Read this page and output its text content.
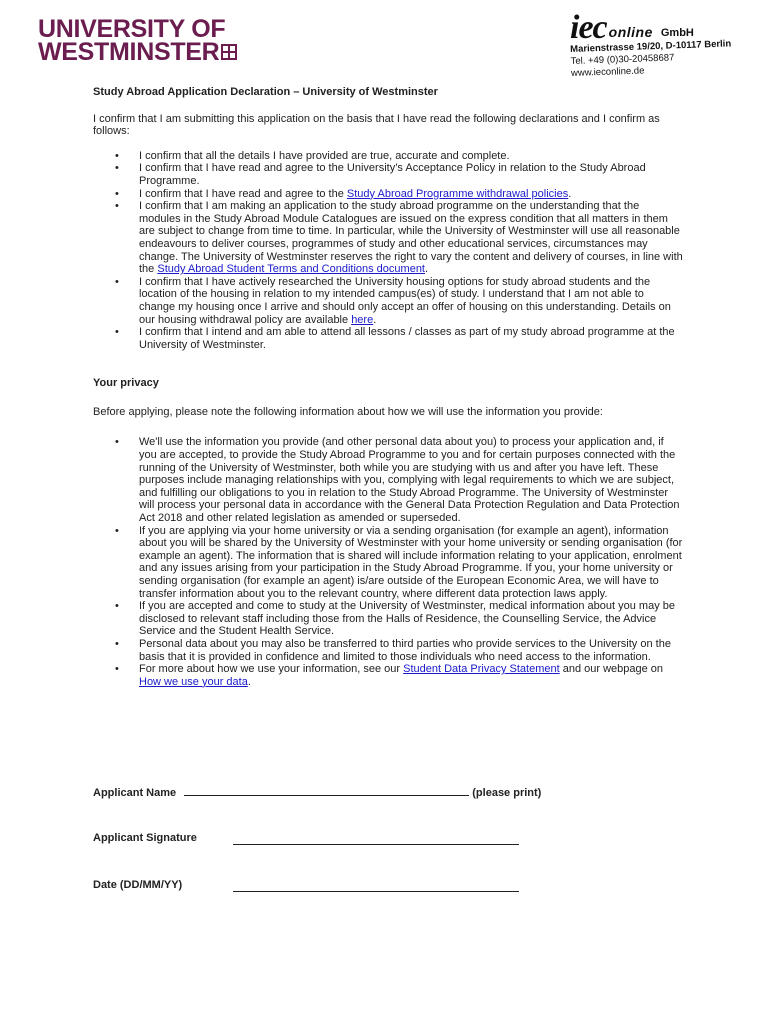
UNIVERSITY OF
WESTMINSTER
iec online GmbH
Marienstrasse 19/20, D-10117 Berlin
Tel. +49 (0)30-20458687
www.iecon​line.de
Study Abroad Application Declaration – University of Westminster

I confirm that I am submitting this application on the basis that I have read the following declarations and I confirm as follows:

• I confirm that all the details I have provided are true, accurate and complete.
• I confirm that I have read and agree to the University’s Acceptance Policy in relation to the Study Abroad Programme.
• I confirm that I have read and agree to the Study Abroad Programme withdrawal policies.
• I confirm that I am making an application to the study abroad programme on the understanding that the modules in the Study Abroad Module Catalogues are issued on the express condition that all matters in them are subject to change from time to time. In particular, while the University of Westminster will use all reasonable endeavours to deliver courses, programmes of study and other educational services, circumstances may change. The University of Westminster reserves the right to vary the content and delivery of courses, in line with the Study Abroad Student Terms and Conditions document.
• I confirm that I have actively researched the University housing options for study abroad students and the location of the housing in relation to my intended campus(es) of study. I understand that I am not able to change my housing once I arrive and should only accept an offer of housing on this understanding. Details on our housing withdrawal policy are available here.
• I confirm that I intend and am able to attend all lessons / classes as part of my study abroad programme at the University of Westminster.
Your privacy

Before applying, please note the following information about how we will use the information you provide:

• We'll use the information you provide (and other personal data about you) to process your application and, if you are accepted, to provide the Study Abroad Programme to you and for certain purposes connected with the running of the University of Westminster, both while you are studying with us and after you have left. These purposes include managing relationships with you, complying with legal requirements to which we are subject, and fulfilling our obligations to you in relation to the Study Abroad Programme. The University of Westminster will process your personal data in accordance with the General Data Protection Regulation and Data Protection Act 2018 and other related legislation as amended or superseded.
• If you are applying via your home university or via a sending organisation (for example an agent), information about you will be shared by the University of Westminster with your home university or sending organisation (for example an agent). The information that is shared will include information relating to your application, enrolment and any issues arising from your participation in the Study Abroad Programme. If you, your home university or sending organisation (for example an agent) is/are outside of the European Economic Area, we will have to transfer information about you to the relevant country, where different data protection laws apply.
• If you are accepted and come to study at the University of Westminster, medical information about you may be disclosed to relevant staff including those from the Halls of Residence, the Counselling Service, the Advice Service and the Student Health Service.
• Personal data about you may also be transferred to third parties who provide services to the University on the basis that it is provided in confidence and limited to those individuals who need access to the information.
• For more about how we use your information, see our Student Data Privacy Statement and our webpage on How we use your data.
Applicant Name	(please print)
Applicant Signature
Date (DD/MM/YY)
